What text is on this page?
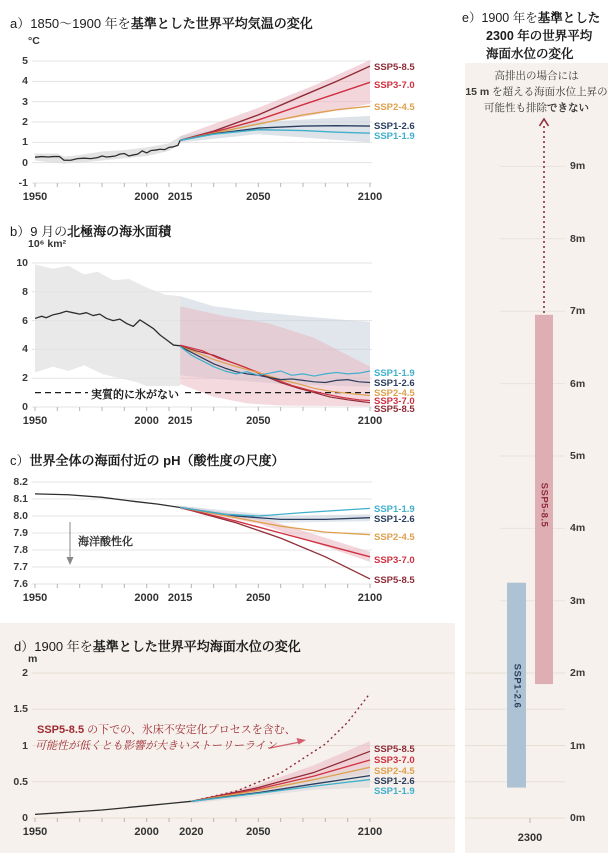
-1
0
1
2
3
4
5
1950	2000 2015	2050	2100
SSP5-8.5
SSP3-7.0
SSP2-4.5
SSP1-2.6
SSP1-1.9
0
2
4
6
8
10
1950	2000 2015	2050	2100
SSP1-1.9
SSP1-2.6
SSP2-4.5
SSP3-7.0
SSP5-8.5
7.6
7.7
7.8
7.9
8.0
8.1
8.2
1950	2000 2015	2050	2100
SSP1-1.9
SSP1-2.6
SSP2-4.5
SSP3-7.0
SSP5-8.5
0
0.5
1
1.5
2
1950	2000	2020	2050	2100
SSP5-8.5
SSP3-7.0
SSP2-4.5
SSP1-2.6
SSP1-1.9
0m
1m
2m
3m
4m
5m
6m
7m
8m
9m
a）1850～1900 年を基準とした世界平均気温の変化
°C
b）9 月の北極海の海氷面積
10⁶ km²
実質的に氷がない
c）世界全体の海面付近の pH（酸性度の尺度）
海洋酸性化
d）1900 年を基準とした世界平均海面水位の変化
m
SSP5-8.5 の下での、氷床不安定化プロセスを含む、
可能性が低くとも影響が大きいストーリーライン
e）1900 年を基準とした
2300 年の世界平均
海面水位の変化
高排出の場合には
15 m を超える海面水位上昇の
可能性も排除できない
2300
SSP1-2.6
SSP5-8.5
